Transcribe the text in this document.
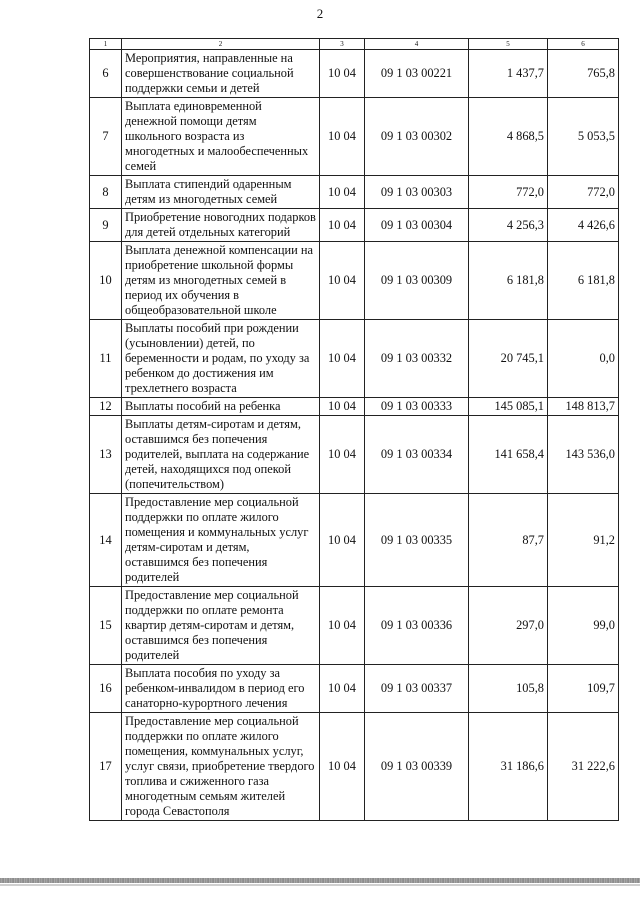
2
1	2	3	4	5	6
6	Мероприятия, направленные на совершенствование социальной поддержки семьи и детей	10 04	09 1 03 00221	1 437,7	765,8
7	Выплата единовременной денежной помощи детям школьного возраста из многодетных и малообеспеченных семей	10 04	09 1 03 00302	4 868,5	5 053,5
8	Выплата стипендий одаренным детям из многодетных семей	10 04	09 1 03 00303	772,0	772,0
9	Приобретение новогодних подарков для детей отдельных категорий	10 04	09 1 03 00304	4 256,3	4 426,6
10	Выплата денежной компенсации на приобретение школьной формы детям из многодетных семей в период их обучения в общеобразовательной школе	10 04	09 1 03 00309	6 181,8	6 181,8
11	Выплаты пособий при рождении (усыновлении) детей, по беременности и родам, по уходу за ребенком до достижения им трехлетнего возраста	10 04	09 1 03 00332	20 745,1	0,0
12	Выплаты пособий на ребенка	10 04	09 1 03 00333	145 085,1	148 813,7
13	Выплаты детям-сиротам и детям, оставшимся без попечения родителей, выплата на содержание детей, находящихся под опекой (попечительством)	10 04	09 1 03 00334	141 658,4	143 536,0
14	Предоставление мер социальной поддержки по оплате жилого помещения и коммунальных услуг детям-сиротам и детям, оставшимся без попечения родителей	10 04	09 1 03 00335	87,7	91,2
15	Предоставление мер социальной поддержки по оплате ремонта квартир детям-сиротам и детям, оставшимся без попечения родителей	10 04	09 1 03 00336	297,0	99,0
16	Выплата пособия по уходу за ребенком-инвалидом в период его санаторно-курортного лечения	10 04	09 1 03 00337	105,8	109,7
17	Предоставление мер социальной поддержки по оплате жилого помещения, коммунальных услуг, услуг связи, приобретение твердого топлива и сжиженного газа многодетным семьям жителей города Севастополя	10 04	09 1 03 00339	31 186,6	31 222,6
